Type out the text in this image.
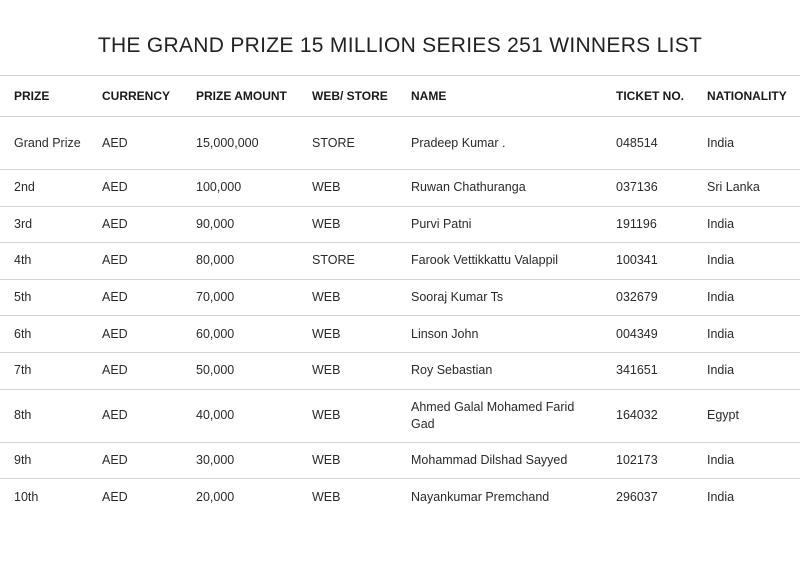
THE GRAND PRIZE 15 MILLION SERIES 251 WINNERS LIST
PRIZE	CURRENCY	PRIZE AMOUNT	WEB/ STORE	NAME	TICKET NO.	NATIONALITY
Grand Prize	AED	15,000,000	STORE	Pradeep Kumar .	048514	India
2nd	AED	100,000	WEB	Ruwan Chathuranga	037136	Sri Lanka
3rd	AED	90,000	WEB	Purvi Patni	191196	India
4th	AED	80,000	STORE	Farook Vettikkattu Valappil	100341	India
5th	AED	70,000	WEB	Sooraj Kumar Ts	032679	India
6th	AED	60,000	WEB	Linson John	004349	India
7th	AED	50,000	WEB	Roy Sebastian	341651	India
8th	AED	40,000	WEB	Ahmed Galal Mohamed Farid Gad	164032	Egypt
9th	AED	30,000	WEB	Mohammad Dilshad Sayyed	102173	India
10th	AED	20,000	WEB	Nayankumar Premchand	296037	India
